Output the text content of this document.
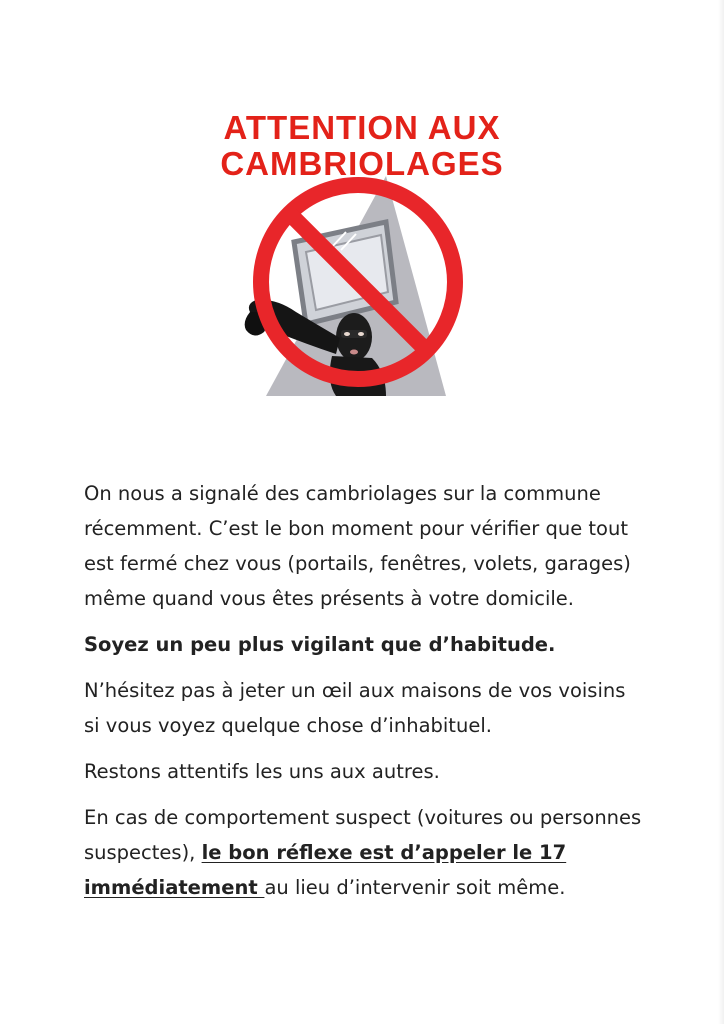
ATTENTION AUX
CAMBRIOLAGES

On nous a signalé des cambriolages sur la commune récemment. C’est le bon moment pour vérifier que tout est fermé chez vous (portails, fenêtres, volets, garages) même quand vous êtes présents à votre domicile.

Soyez un peu plus vigilant que d’habitude.

N’hésitez pas à jeter un œil aux maisons de vos voisins si vous voyez quelque chose d’inhabituel.

Restons attentifs les uns aux autres.

En cas de comportement suspect (voitures ou personnes suspectes), le bon réflexe est d’appeler le 17 immédiatement au lieu d’intervenir soit même.
